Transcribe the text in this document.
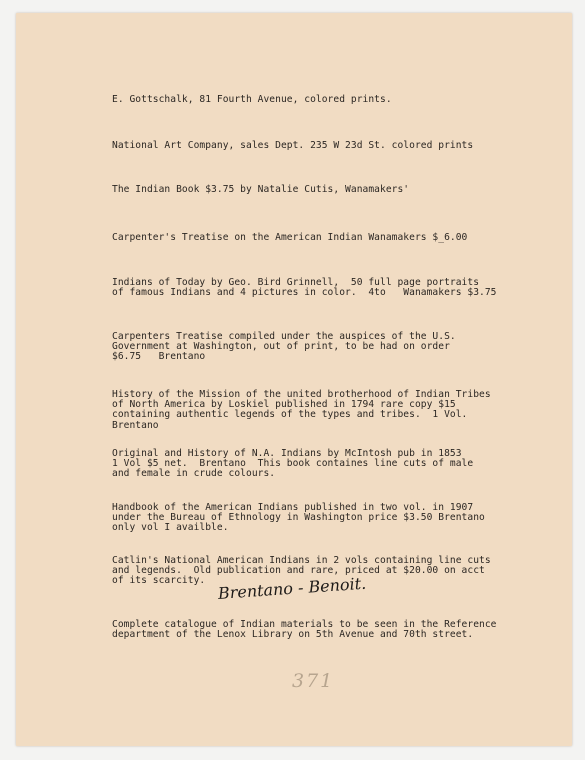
E. Gottschalk, 81 Fourth Avenue, colored prints.

National Art Company, sales Dept. 235 W 23d St. colored prints

The Indian Book $3.75 by Natalie Cutis, Wanamakers'

Carpenter's Treatise on the American Indian Wanamakers $_6.00

Indians of Today by Geo. Bird Grinnell,  50 full page portraits
of famous Indians and 4 pictures in color.  4to   Wanamakers $3.75

Carpenters Treatise compiled under the auspices of the U.S.
Government at Washington, out of print, to be had on order
$6.75   Brentano

History of the Mission of the united brotherhood of Indian Tribes
of North America by Loskiel published in 1794 rare copy $15
containing authentic legends of the types and tribes.  1 Vol.
Brentano

Original and History of N.A. Indians by McIntosh pub in 1853
1 Vol $5 net.  Brentano  This book containes line cuts of male
and female in crude colours.

Handbook of the American Indians published in two vol. in 1907
under the Bureau of Ethnology in Washington price $3.50 Brentano
only vol I availble.

Catlin's National American Indians in 2 vols containing line cuts
and legends.  Old publication and rare, priced at $20.00 on acct
of its scarcity.

Complete catalogue of Indian materials to be seen in the Reference
department of the Lenox Library on 5th Avenue and 70th street.

Brentano - Benoit.
371
